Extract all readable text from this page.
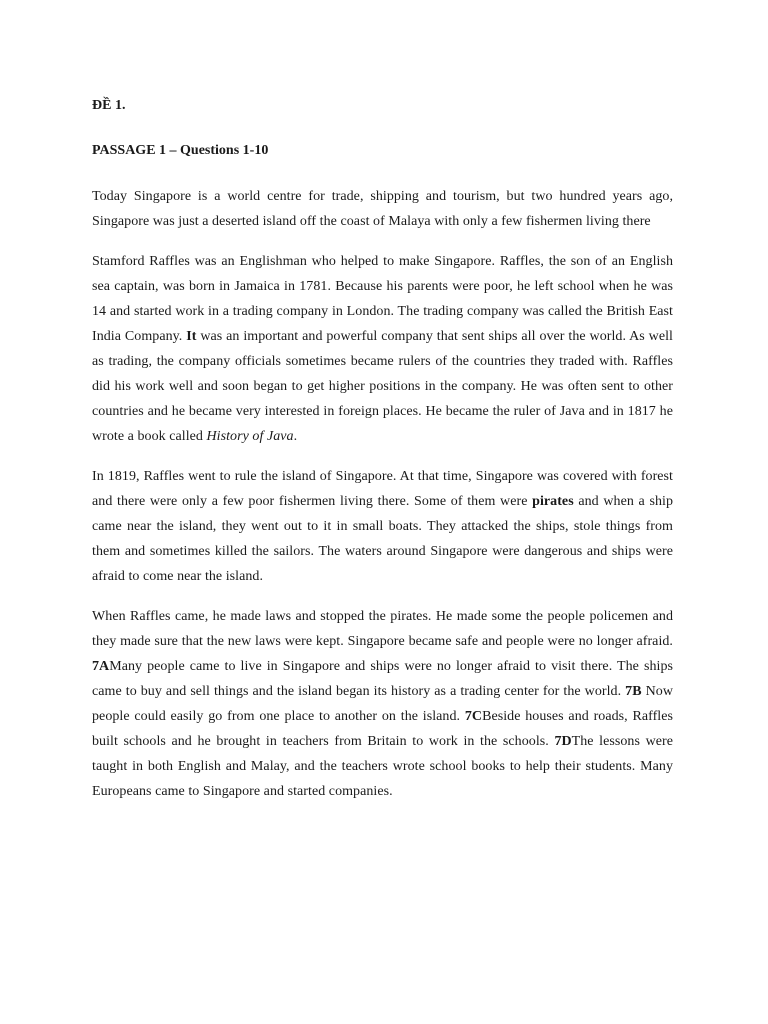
ĐỀ 1.

PASSAGE 1 – Questions 1-10

Today Singapore is a world centre for trade, shipping and tourism, but two hundred years ago, Singapore was just a deserted island off the coast of Malaya with only a few fishermen living there

Stamford Raffles was an Englishman who helped to make Singapore. Raffles, the son of an English sea captain, was born in Jamaica in 1781. Because his parents were poor, he left school when he was 14 and started work in a trading company in London. The trading company was called the British East India Company. It was an important and powerful company that sent ships all over the world. As well as trading, the company officials sometimes became rulers of the countries they traded with. Raffles did his work well and soon began to get higher positions in the company. He was often sent to other countries and he became very interested in foreign places. He became the ruler of Java and in 1817 he wrote a book called History of Java.

In 1819, Raffles went to rule the island of Singapore. At that time, Singapore was covered with forest and there were only a few poor fishermen living there. Some of them were pirates and when a ship came near the island, they went out to it in small boats. They attacked the ships, stole things from them and sometimes killed the sailors. The waters around Singapore were dangerous and ships were afraid to come near the island.

When Raffles came, he made laws and stopped the pirates. He made some the people policemen and they made sure that the new laws were kept. Singapore became safe and people were no longer afraid. 7AMany people came to live in Singapore and ships were no longer afraid to visit there. The ships came to buy and sell things and the island began its history as a trading center for the world. 7B Now people could easily go from one place to another on the island. 7CBeside houses and roads, Raffles built schools and he brought in teachers from Britain to work in the schools. 7DThe lessons were taught in both English and Malay, and the teachers wrote school books to help their students. Many Europeans came to Singapore and started companies.
